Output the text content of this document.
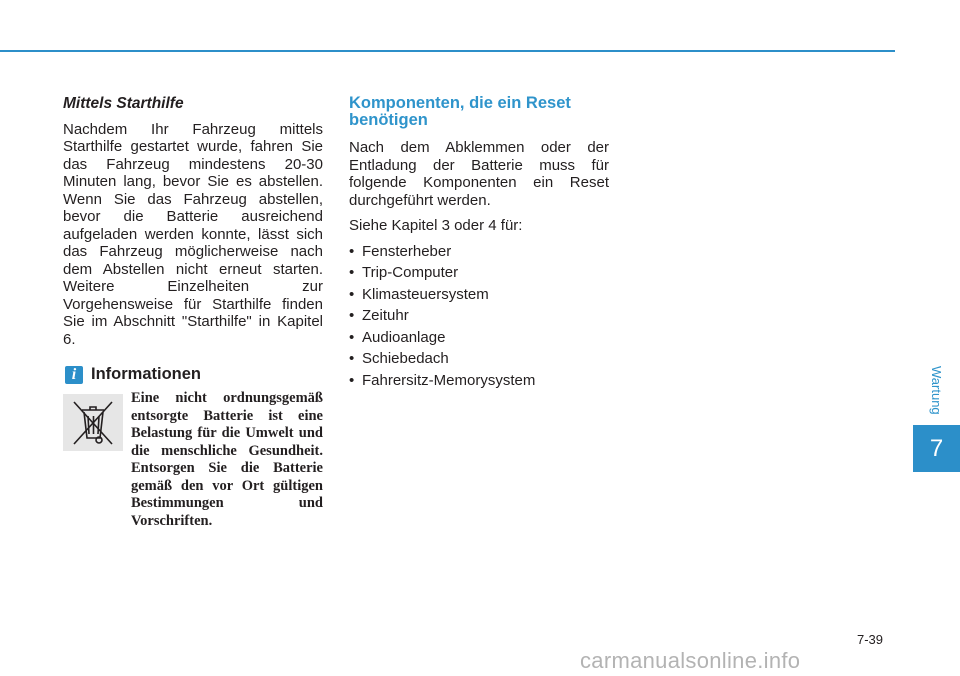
Mittels Starthilfe

Nachdem Ihr Fahrzeug mittels Starthilfe gestartet wurde, fahren Sie das Fahrzeug mindestens 20-30 Minuten lang, bevor Sie es abstellen. Wenn Sie das Fahrzeug abstellen, bevor die Batterie ausreichend aufgeladen werden konnte, lässt sich das Fahrzeug möglicherweise nach dem Abstellen nicht erneut starten. Weitere Einzelheiten zur Vorgehensweise für Starthilfe finden Sie im Abschnitt "Starthilfe" in Kapitel 6.

i Informationen

Eine nicht ordnungsgemäß entsorgte Batterie ist eine Belastung für die Umwelt und die menschliche Gesundheit. Entsorgen Sie die Batterie gemäß den vor Ort gültigen Bestimmungen und Vorschriften.

Komponenten, die ein Reset benötigen

Nach dem Abklemmen oder der Entladung der Batterie muss für folgende Komponenten ein Reset durchgeführt werden.

Siehe Kapitel 3 oder 4 für:

• Fensterheber
• Trip-Computer
• Klimasteuersystem
• Zeituhr
• Audioanlage
• Schiebedach
• Fahrersitz-Memorysystem	Wartung
7
7-39
carmanualsonline.info
